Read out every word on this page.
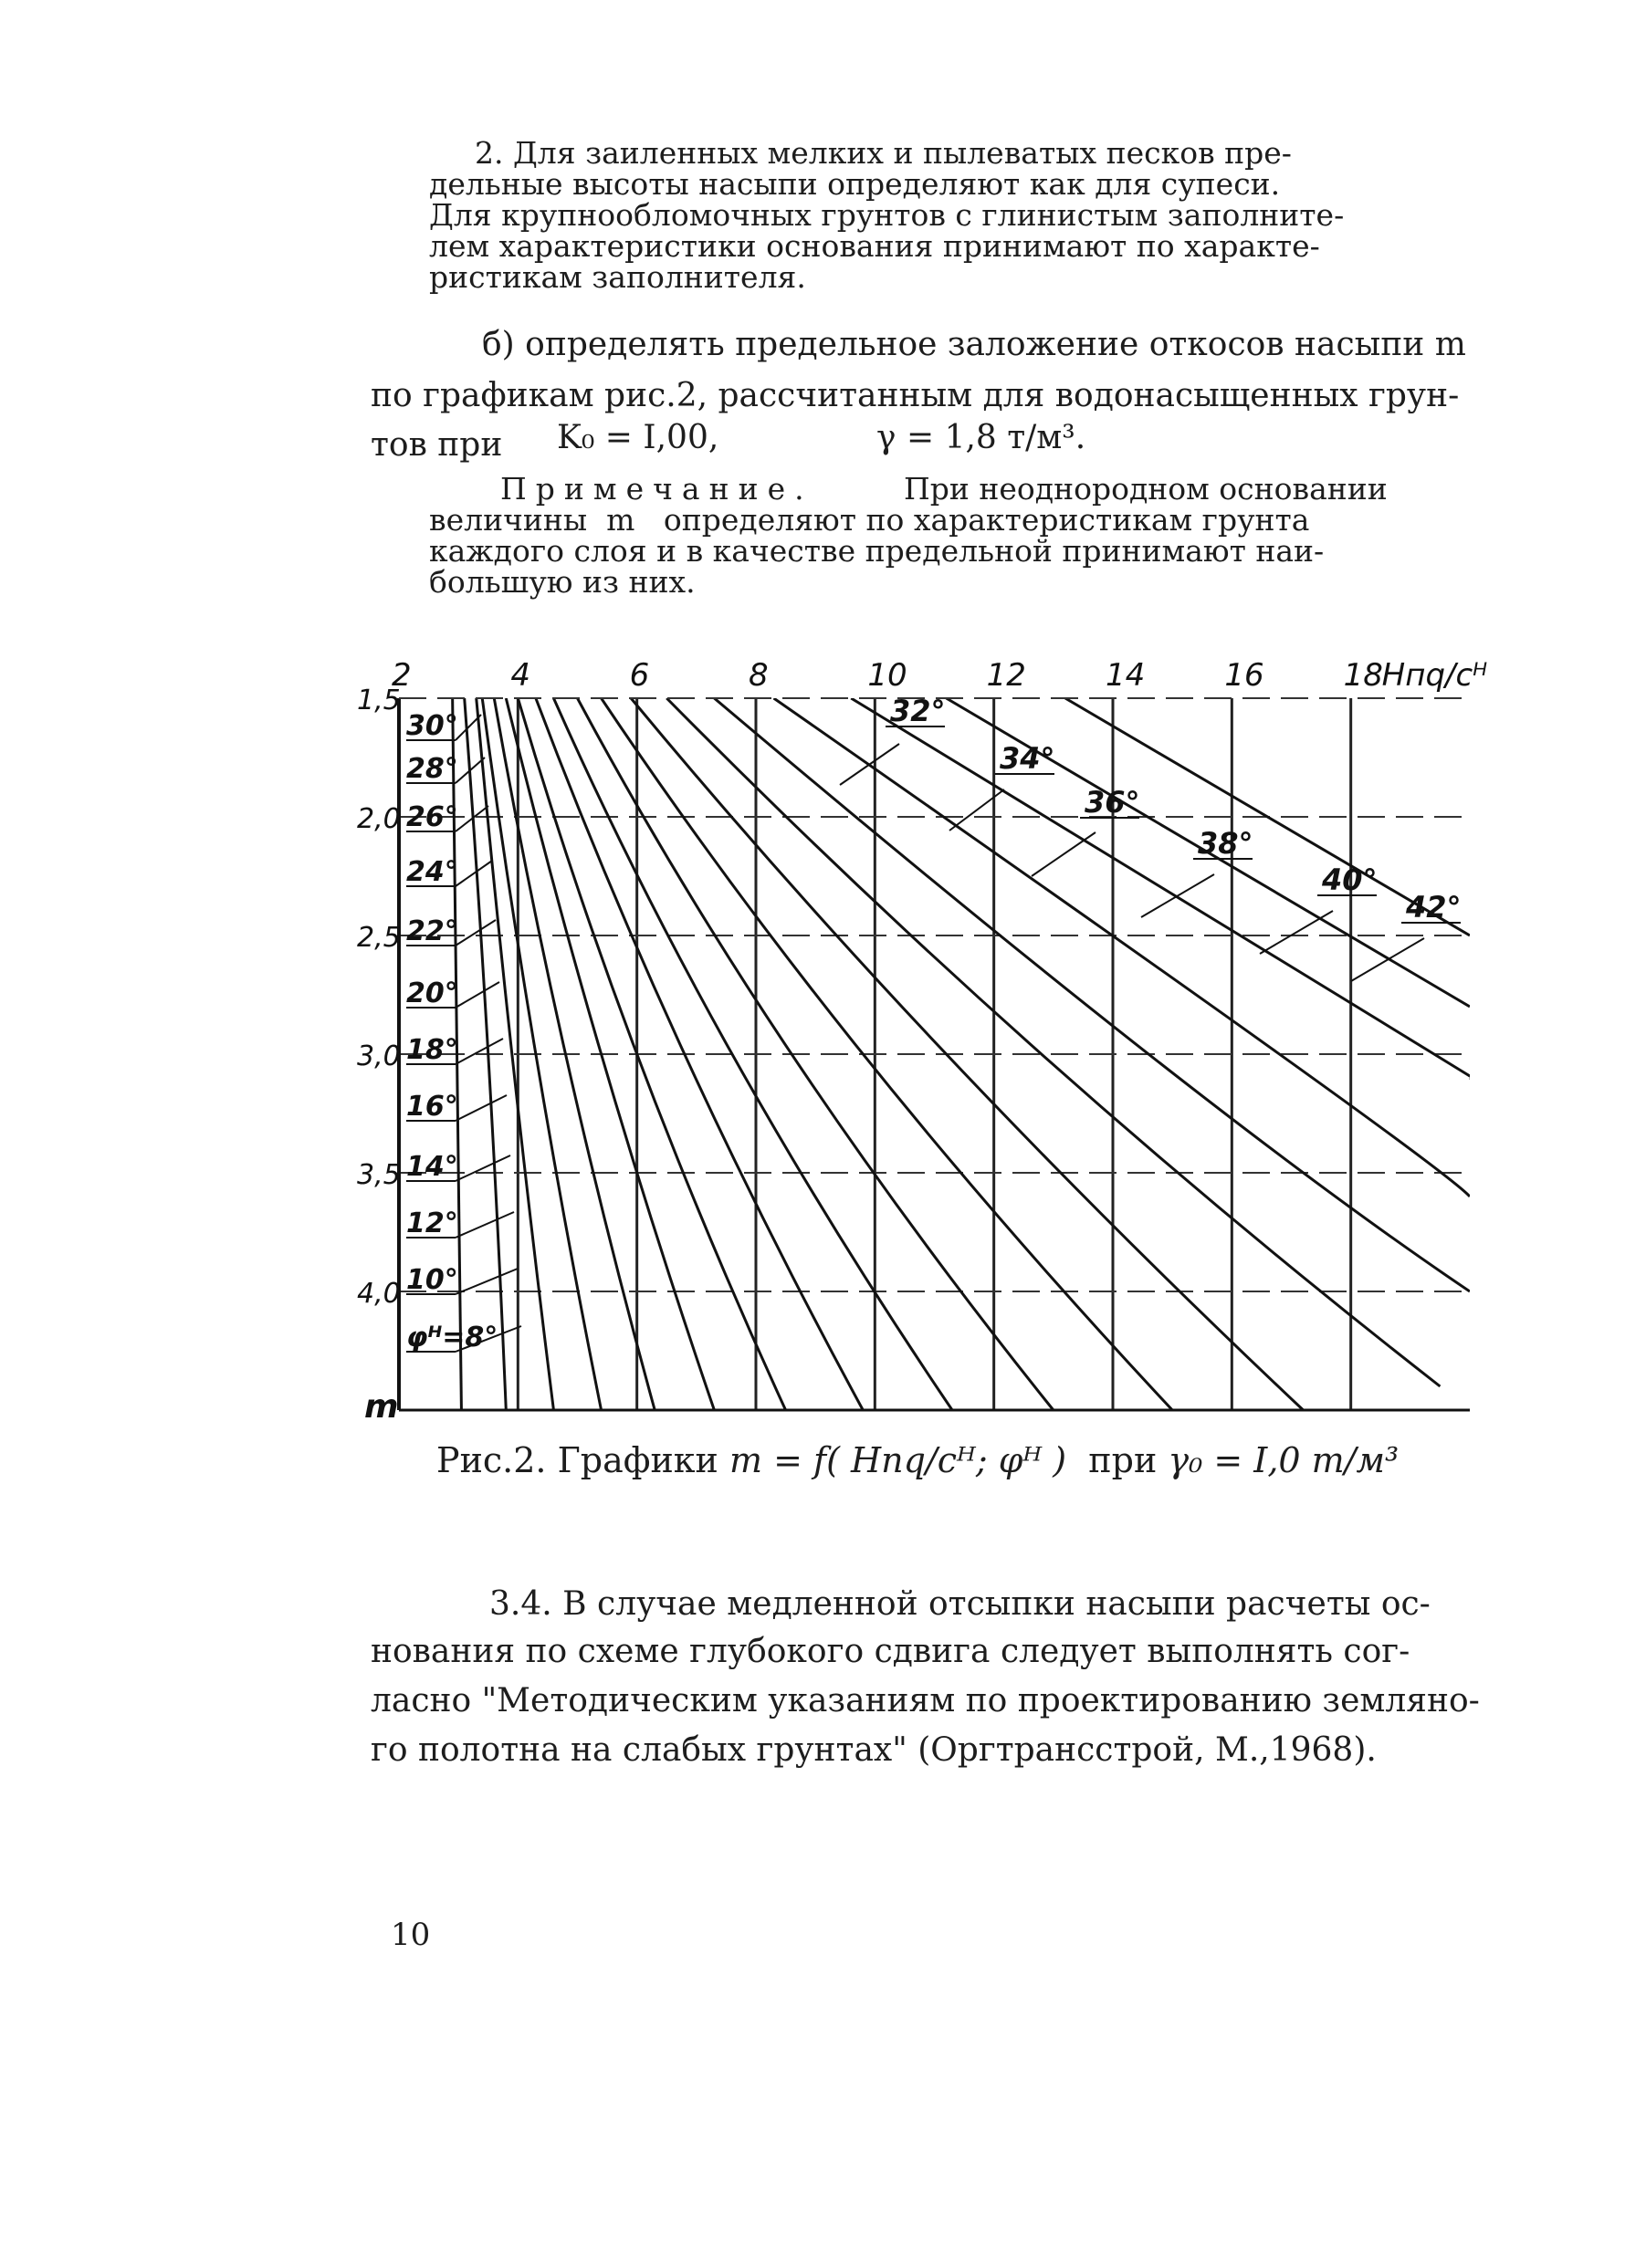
2. Для заиленных мелких и пылеватых песков пре-

дельные высоты насыпи определяют как для супеси.

Для крупнообломочных грунтов с глинистым заполните-

лем характеристики основания принимают по характе-

ристикам заполнителя.

б) определять предельное заложение откосов насыпи m

по графикам рис.2, рассчитанным для водонасыщенных грун-

тов при K₀ = I,00,	γ = 1,8 т/м³.

Примечание.	При неоднородном основании

величины  m   определяют по характеристикам грунта

каждого слоя и в качестве предельной принимают наи-

большую из них.

2	4	6	8	10	12	14	16	18
Hпq/cᴴ
1,5
2,0
2,5
3,0
3,5
4,0
m
30°
28°
26°
24°
22°
20°
18°
16°
14°
12°
10°
φᴴ=8°
32°
34°
36°
38°
40°
42°
Рис.2. Графики m = f( Hпq/cᴴ; φᴴ )  при γ₀ = I,0 т/м³

3.4. В случае медленной отсыпки насыпи расчеты ос-

нования по схеме глубокого сдвига следует выполнять сог-

ласно "Методическим указаниям по проектированию земляно-

го полотна на слабых грунтах" (Оргтрансстрой, М.,1968).

10
